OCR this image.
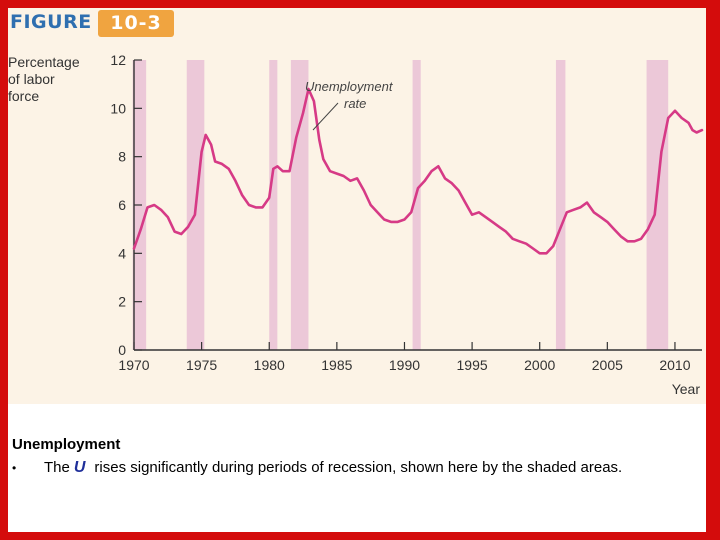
FIGURE 10-3
0
2
4
6
8
10
12
1970	1975	1980	1985	1990	1995	2000	2005	2010
Percentage
of labor
force
Year
Unemployment
rate
Unemployment
•	The U rises significantly during periods of recession, shown here by the shaded areas.
